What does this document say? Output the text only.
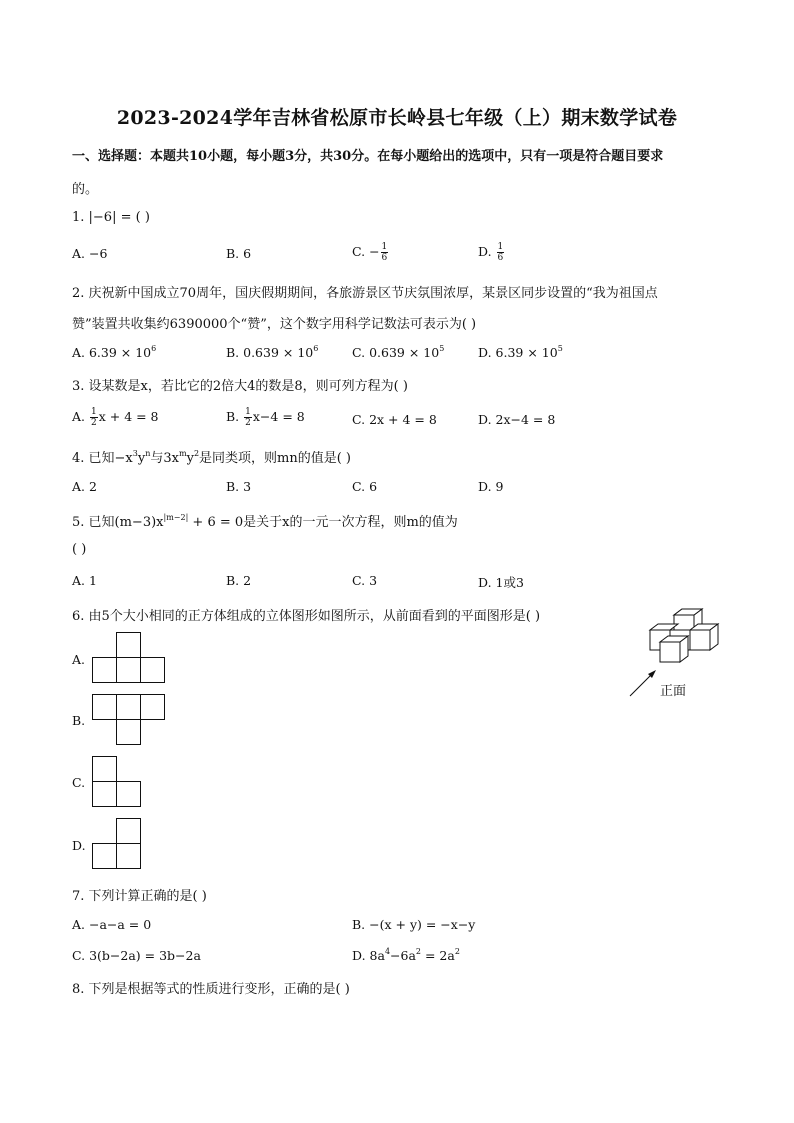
2023-2024学年吉林省松原市长岭县七年级（上）期末数学试卷
一、选择题：本题共10小题，每小题3分，共30分。在每小题给出的选项中，只有一项是符合题目要求
的。
1. |−6| = ( )
A. −6	B. 6	C. − $\frac{1}{6}$	D. $\frac{1}{6}$
2. 庆祝新中国成立70周年，国庆假期期间，各旅游景区节庆氛围浓厚，某景区同步设置的“我为祖国点
赞”装置共收集约6390000个“赞”，这个数字用科学记数法可表示为( )
A. $6.39 \times 10^6$	B. $0.639 \times 10^6$	C. $0.639 \times 10^5$	D. $6.39 \times 10^5$
3. 设某数是x，若比它的2倍大4的数是8，则可列方程为( )
A. $\frac{1}{2}$ x + 4 = 8	B. $\frac{1}{2} x-4 = 8$	C. 2x + 4 = 8	D. 2x−4 = 8
4. 已知$-x^3y^n$与$3x^my^2$是同类项，则mn的值是( )
A. 2	B. 3	C. 6	D. 9
5. 已知$(m-3)x^{|m-2|} + 6 = 0$是关于x的一元一次方程，则m的值为
( )
A. 1	B. 2	C. 3	D. 1或3
6. 由5个大小相同的正方体组成的立体图形如图所示，从前面看到的平面图形是( )
正面
A.
B.
C.
D.
7. 下列计算正确的是( )
A. −a−a = 0	B. −(x + y) = −x−y
C. 3(b−2a) = 3b−2a	D. $8a^4-6a^2 = 2a^2$
8. 下列是根据等式的性质进行变形，正确的是( )
